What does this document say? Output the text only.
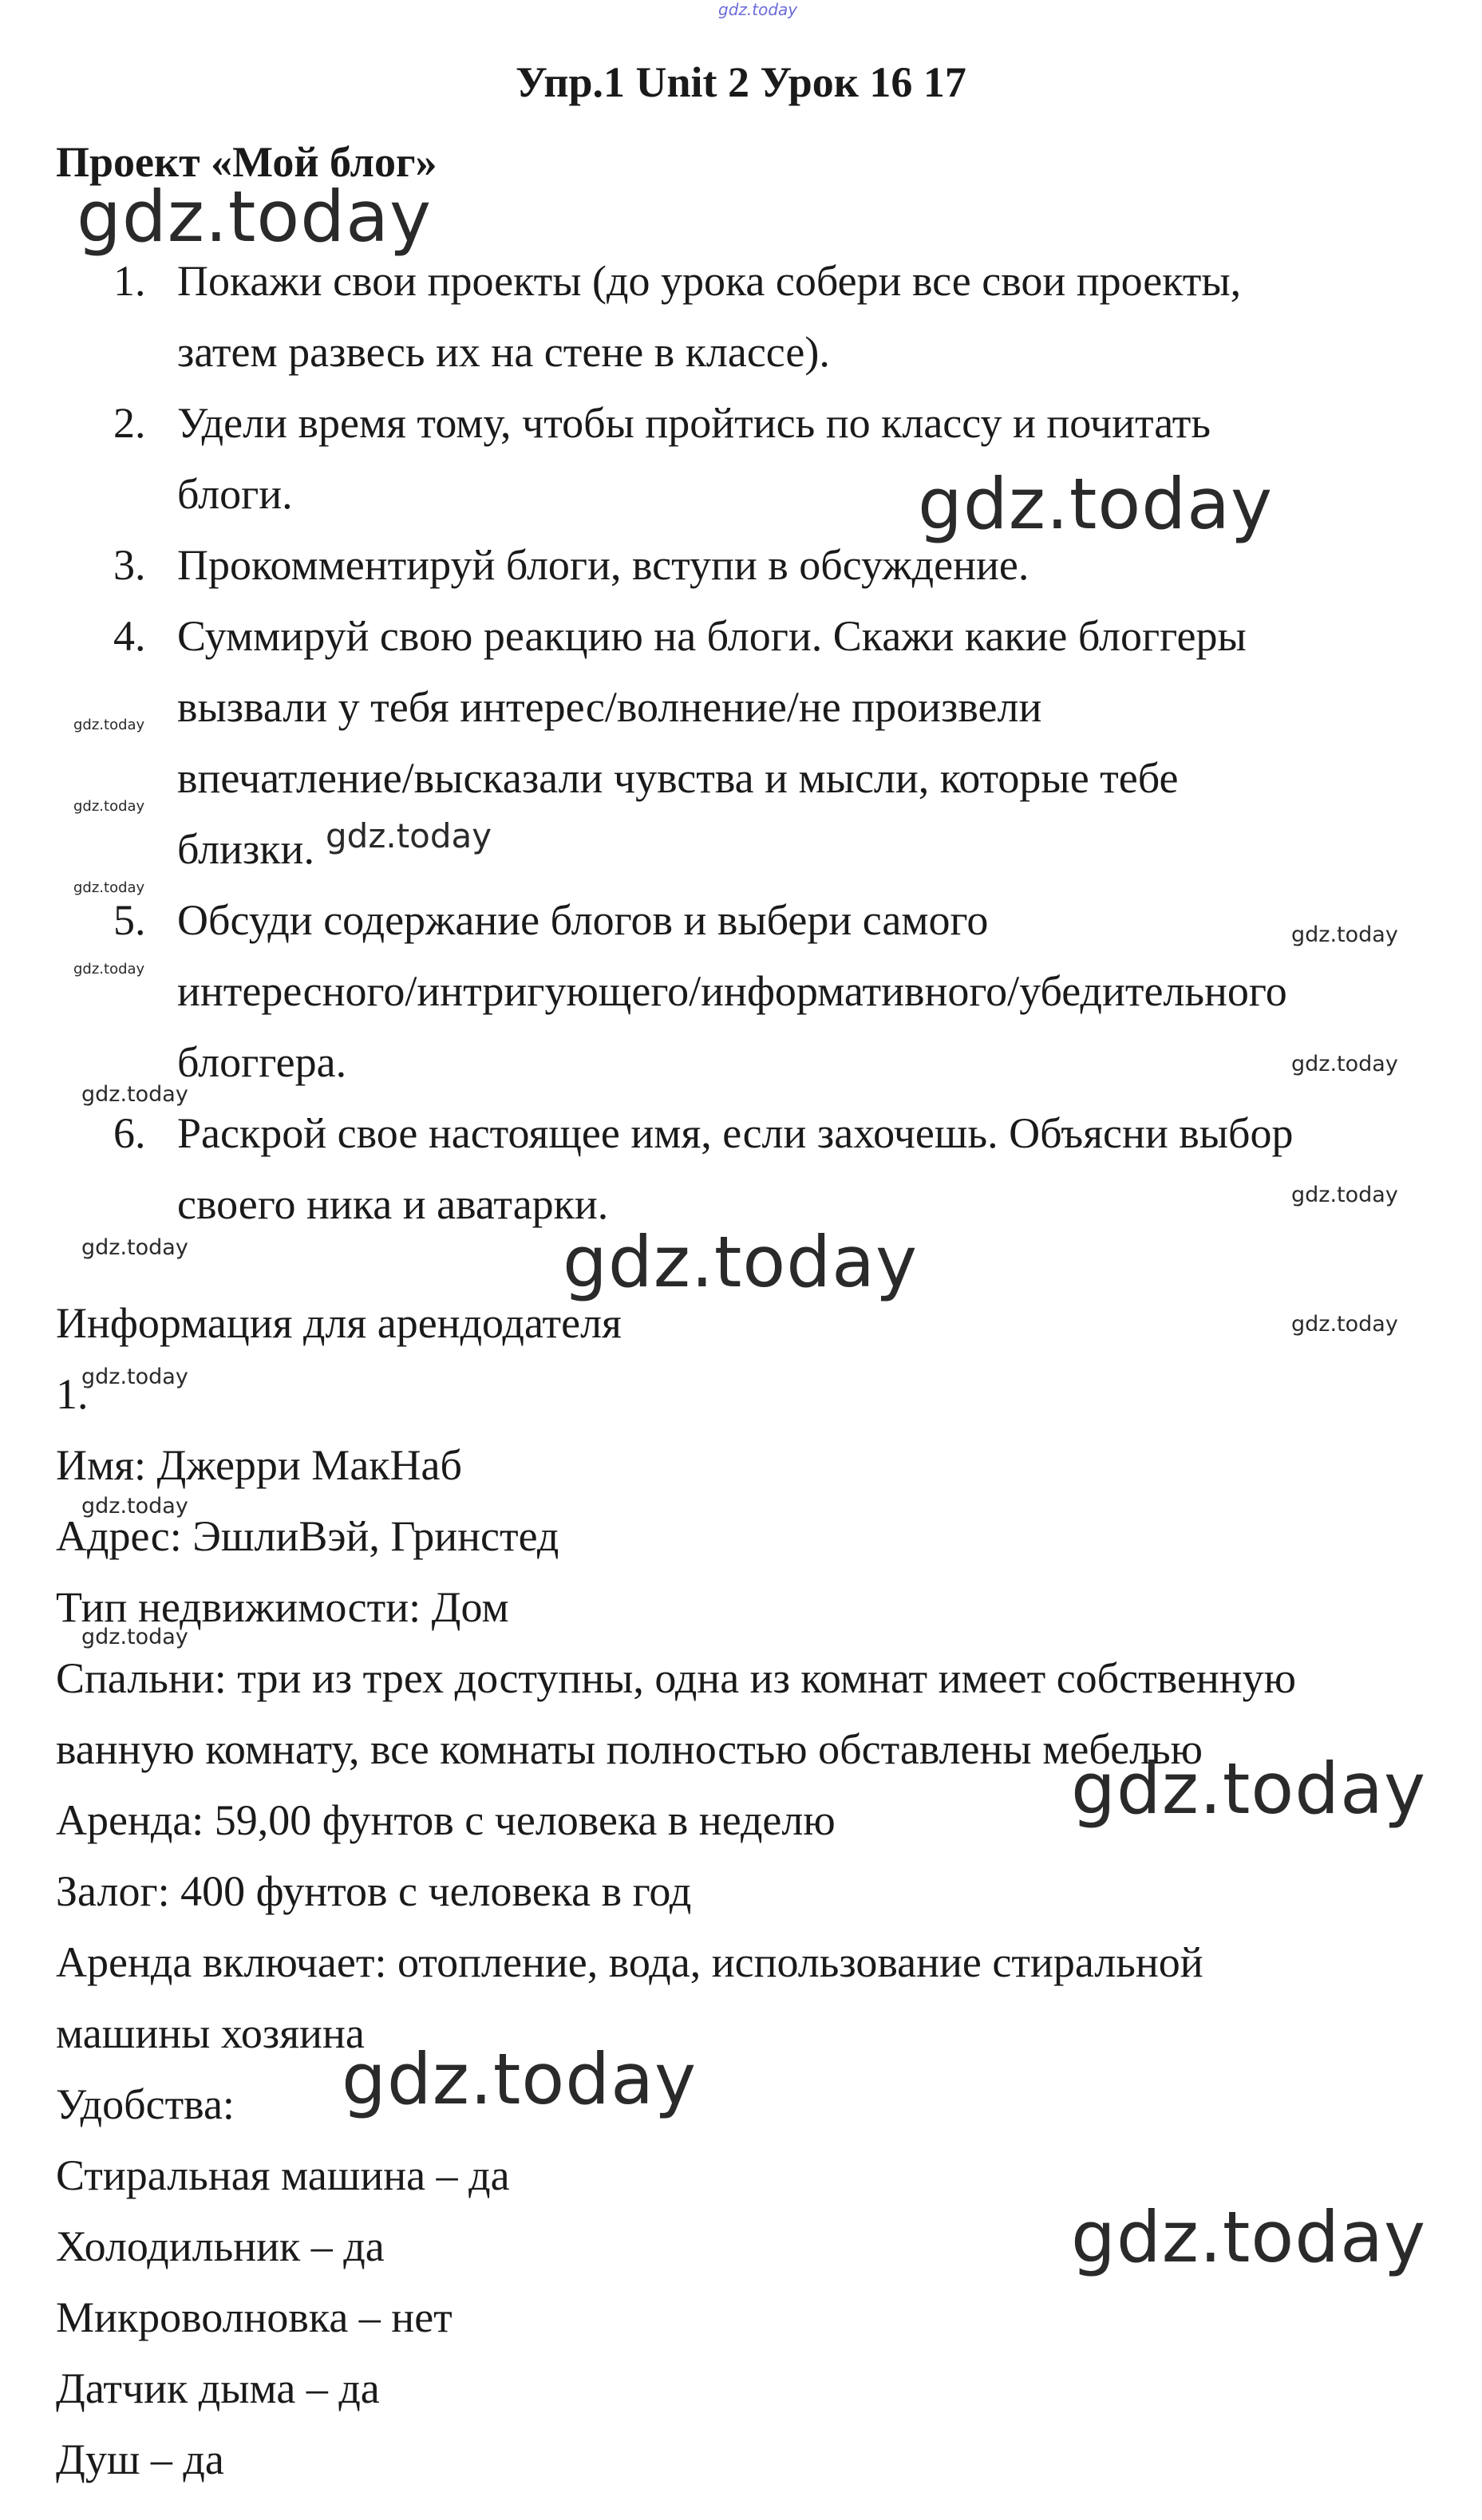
Упр.1 Unit 2 Урок 16 17
Проект «Мой блог»
1. Покажи свои проекты (до урока собери все свои проекты,
затем развесь их на стене в классе).
2. Удели время тому, чтобы пройтись по классу и почитать
блоги.
3. Прокомментируй блоги, вступи в обсуждение.
4. Суммируй свою реакцию на блоги. Скажи какие блоггеры
вызвали у тебя интерес/волнение/не произвели
впечатление/высказали чувства и мысли, которые тебе
близки.
5. Обсуди содержание блогов и выбери самого
интересного/интригующего/информативного/убедительного
блоггера.
6. Раскрой свое настоящее имя, если захочешь. Объясни выбор
своего ника и аватарки.
Информация для арендодателя
1.
Имя: Джерри МакНаб
Адрес: ЭшлиВэй, Гринстед
Тип недвижимости: Дом
Спальни: три из трех доступны, одна из комнат имеет собственную
ванную комнату, все комнаты полностью обставлены мебелью
Аренда: 59,00 фунтов с человека в неделю
Залог: 400 фунтов с человека в год
Аренда включает: отопление, вода, использование стиральной
машины хозяина
Удобства:
Стиральная машина – да
Холодильник – да
Микроволновка – нет
Датчик дыма – да
Душ – да
gdz.today
gdz.today
gdz.today
gdz.today
gdz.today
gdz.today
gdz.today
gdz.today
gdz.today
gdz.today
gdz.today
gdz.today
gdz.today	gdz.today
gdz.today
gdz.today
gdz.today
gdz.today
gdz.today
gdz.today
gdz.today
